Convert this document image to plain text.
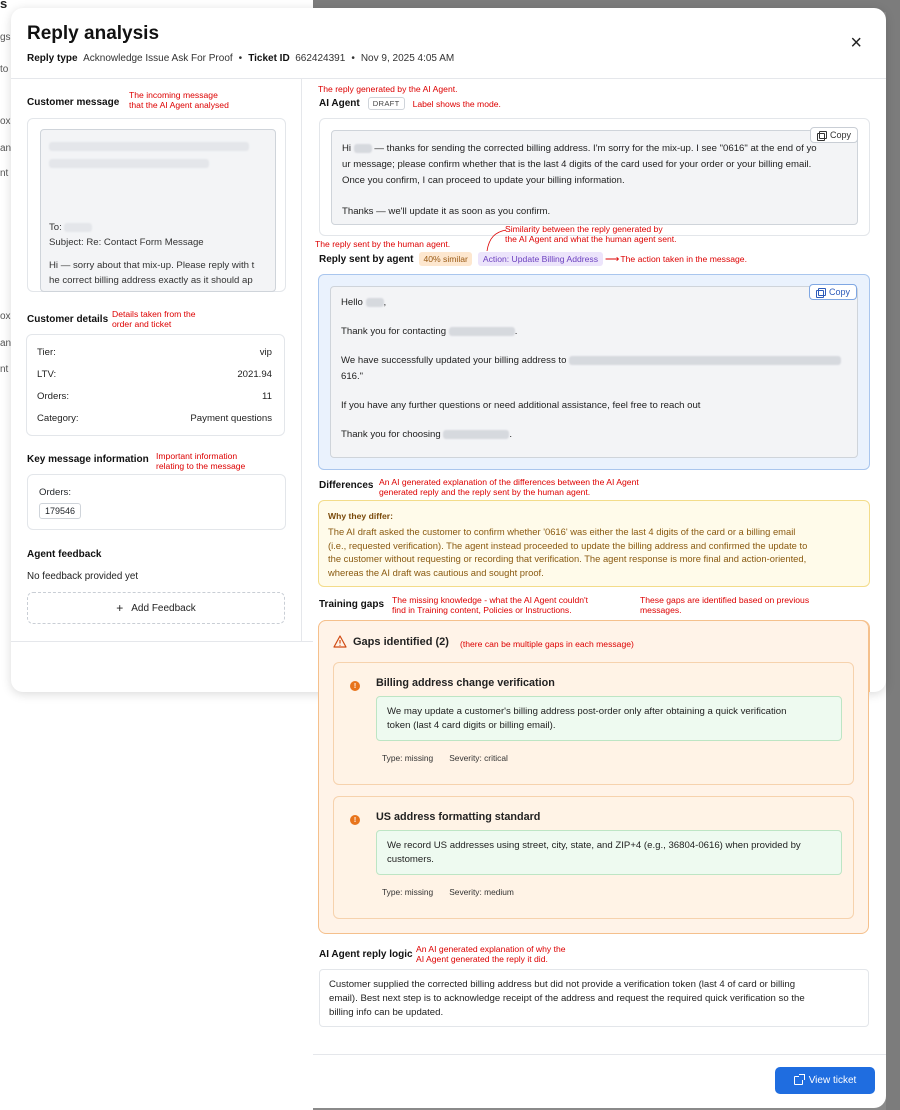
s
gs
to
ox
an
nt
ox
an
nt
AI Agent reply logic An AI generated explanation of why the
AI Agent generated the reply it did.
Customer supplied the corrected billing address but did not provide a verification token (last 4 of card or billing
email). Best next step is to acknowledge receipt of the address and request the required quick verification so the
billing info can be updated.
View ticket
Reply analysis
Reply type Acknowledge Issue Ask For Proof • Ticket ID 662424391 • Nov 9, 2025 4:05 AM
×
Customer message
The incoming message
that the AI Agent analysed

To:
Subject: Re: Contact Form Message
Hi — sorry about that mix-up. Please reply with t
he correct billing address exactly as it should ap
Customer details Details taken from the
order and ticket
Tier:	vip
LTV:	2021.94
Orders:	11
Category:	Payment questions
Key message information Important information
relating to the message
Orders:
179546
Agent feedback
No feedback provided yet
+ Add Feedback
The reply generated by the AI Agent.
AI Agent	DRAFT	Label shows the mode.
Hi  — thanks for sending the corrected billing address. I'm sorry for the mix-up. I see "0616" at the end of yo
ur message; please confirm whether that is the last 4 digits of the card used for your order or your billing email.
Once you confirm, I can proceed to update your billing information.
Thanks — we'll update it as soon as you confirm.
Copy
The reply sent by the human agent.
Similarity between the reply generated by
the AI Agent and what the human agent sent.
Reply sent by agent	40% similar	Action: Update Billing Address ⟶ The action taken in the message.
Hello ,
Thank you for contacting	.
We have successfully updated your billing address to
616."
If you have any further questions or need additional assistance, feel free to reach out
Thank you for choosing	.
Copy
Differences An AI generated explanation of the differences between the AI Agent
generated reply and the reply sent by the human agent.
Why they differ:
The AI draft asked the customer to confirm whether '0616' was either the last 4 digits of the card or a billing email
(i.e., requested verification). The agent instead proceeded to update the billing address and confirmed the update to
the customer without requesting or recording that verification. The agent response is more final and action-oriented,
whereas the AI draft was cautious and sought proof.
Training gaps The missing knowledge - what the AI Agent couldn't
find in Training content, Policies or Instructions.
These gaps are identified based on previous
messages.
Gaps identified (2) (there can be multiple gaps in each message)
!	Billing address change verification
We may update a customer's billing address post-order only after obtaining a quick verification
token (last 4 card digits or billing email).
Type: missing Severity: critical
!	US address formatting standard
We record US addresses using street, city, state, and ZIP+4 (e.g., 36804-0616) when provided by
customers.
Type: missing Severity: medium
